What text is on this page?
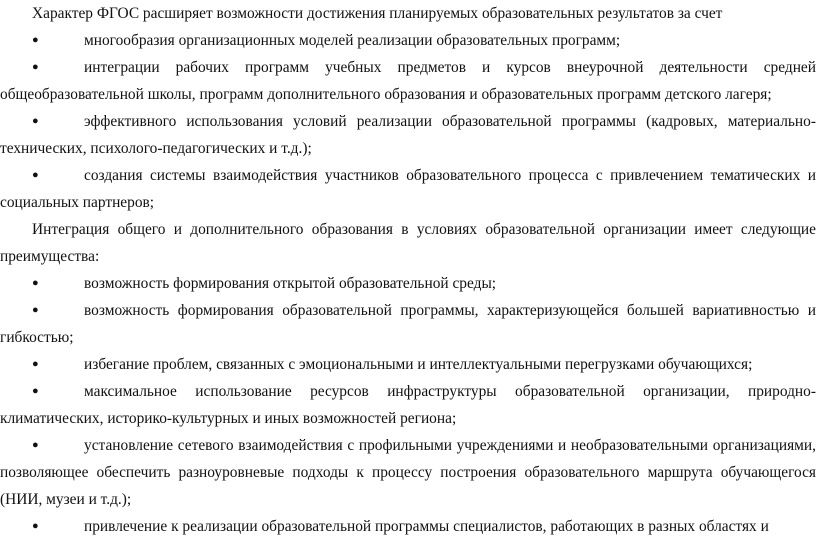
Характер ФГОС расширяет возможности достижения планируемых образовательных результатов за счет

●	многообразия организационных моделей реализации образовательных программ;

●	интеграции рабочих программ учебных предметов и курсов внеурочной деятельности средней общеобразовательной школы, программ дополнительного образования и образовательных программ детского лагеря;

●	эффективного использования условий реализации образовательной программы (кадровых, материально-технических, психолого-педагогических и т.д.);

●	создания системы взаимодействия участников образовательного процесса с привлечением тематических и социальных партнеров;

Интеграция общего и дополнительного образования в условиях образовательной организации имеет следующие преимущества:

●	возможность формирования открытой образовательной среды;

●	возможность формирования образовательной программы, характеризующейся большей вариативностью и гибкостью;

●	избегание проблем, связанных с эмоциональными и интеллектуальными перегрузками обучающихся;

●	максимальное использование ресурсов инфраструктуры образовательной организации, природно-климатических, историко-культурных и иных возможностей региона;

●	установление сетевого взаимодействия с профильными учреждениями и необразовательными организациями, позволяющее обеспечить разноуровневые подходы к процессу построения образовательного маршрута обучающегося (НИИ, музеи и т.д.);

●	привлечение к реализации образовательной программы специалистов, работающих в разных областях и
